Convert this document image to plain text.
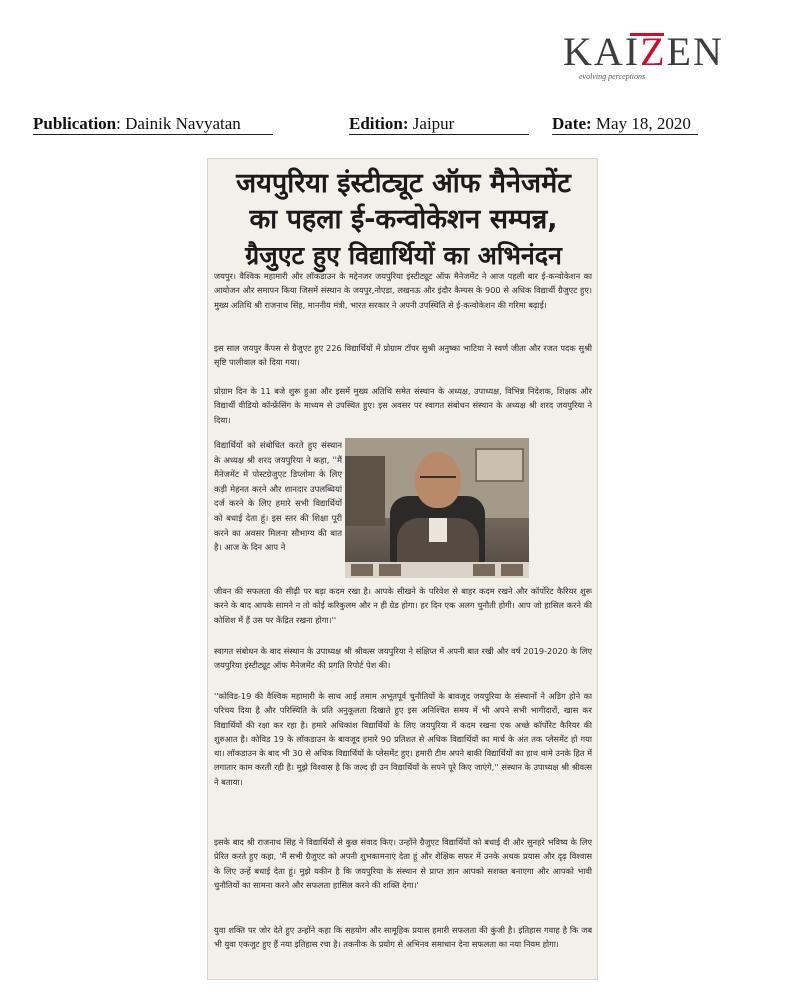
KAIZEN
evolving perceptions
Publication: Dainik Navyatan	Edition: Jaipur	Date: May 18, 2020
जयपुरिया इंस्टीट्यूट ऑफ मैनेजमेंट
का पहला ई-कन्वोकेशन सम्पन्न,
ग्रैजुएट हुए विद्यार्थियों का अभिनंदन
जयपुर। वैश्विक महामारी और लॉकडाउन के मद्देनजर जयपुरिया इंस्टीट्यूट ऑफ मैनेजमेंट ने आज पहली बार ई-कन्वोकेशन का आयोजन और समापन किया जिसमें संस्थान के जयपुर,नोएडा, लखनऊ और इंदौर कैम्पस के 900 से अधिक विद्यार्थी ग्रैजुएट हुए। मुख्य अतिथि श्री राजनाथ सिंह, माननीय मंत्री, भारत सरकार ने अपनी उपस्थिति से ई-कन्वोकेशन की गरिमा बढ़ाई।
इस साल जयपुर कैंपस से ग्रैजुएट हुए 226 विद्यार्थियों में प्रोग्राम टॉपर सुश्री अनुष्का भाटिया ने स्वर्ण जीता और रजत पदक सुश्री सृष्टि पालीवाल को दिया गया।
प्रोग्राम दिन के 11 बजे शुरू हुआ और इसमें मुख्य अतिथि समेत संस्थान के अध्यक्ष, उपाध्यक्ष, विभिन्न निदेशक, शिक्षक और विद्यार्थी वीडियो कॉन्फ्रेंसिंग के माध्यम से उपस्थित हुए। इस अवसर पर स्वागत संबोधन संस्थान के अध्यक्ष श्री शरद जयपुरिया ने दिया।
विद्यार्थियों को संबोधित करते हुए संस्थान के अध्यक्ष श्री शरद जयपुरिया ने कहा, ''मैं मैनेजमेंट में पोस्टग्रेजुएट डिप्लोमा के लिए कड़ी मेहनत करने और शानदार उपलब्धियां दर्ज करने के लिए हमारे सभी विद्यार्थियों को बधाई देता हूं। इस स्तर की शिक्षा पूरी करने का अवसर मिलना सौभाग्य की बात है। आज के दिन आप ने
जीवन की सफलता की सीढ़ी पर बड़ा कदम रखा है। आपके सीखने के परिवेश से बाहर कदम रखने और कॉर्पोरेट कैरियर शुरू करने के बाद आपके सामने न तो कोई करिकुलम और न ही ग्रेड होगा। हर दिन एक अलग चुनौती होगी। आप जो हासिल करने की कोशिश में हैं उस पर केंद्रित रखना होगा।''
स्वागत संबोधन के बाद संस्थान के उपाध्यक्ष श्री श्रीवत्स जयपुरिया ने संक्षिप्त में अपनी बात रखी और वर्ष 2019-2020 के लिए जयपुरिया इंस्टीट्यूट ऑफ मैनेजमेंट की प्रगति रिपोर्ट पेश की।
''कोविड-19 की वैश्विक महामारी के साथ आईं तमाम अभूतपूर्व चुनौतियों के बावजूद जयपुरिया के संस्थानों ने अडिग होने का परिचय दिया है और परिस्थिति के प्रति अनुकूलता दिखाते हुए इस अनिश्चित समय में भी अपने सभी भागीदारों, खास कर विद्यार्थियों की रक्षा कर रहा है। हमारे अधिकांश विद्यार्थियों के लिए जयपुरिया में कदम रखना एक अच्छे कॉर्पोरेट कैरियर की शुरुआत है। कोविड 19 के लॉकडाउन के बावजूद हमारे 90 प्रतिशत से अधिक विद्यार्थियों का मार्च के अंत तक प्लेसमेंट हो गया था। लॉकडाउन के बाद भी 30 से अधिक विद्यार्थियों के प्लेसमेंट हुए। हमारी टीम अपने बाकी विद्यार्थियों का हाथ थामे उनके हित में लगातार काम करती रही है। मुझे विश्वास है कि जल्द ही उन विद्यार्थियों के सपने पूरे किए जाएंगे,'' संस्थान के उपाध्यक्ष श्री श्रीवत्स ने बताया।
इसके बाद श्री राजनाथ सिंह ने विद्यार्थियों से कुछ संवाद किए। उन्होंने ग्रैजुएट विद्यार्थियों को बधाई दी और सुनहरे भविष्य के लिए प्रेरित करते हुए कहा, 'मैं सभी ग्रैजुएट को अपनी शुभकामनाएं देता हूं और शैक्षिक सफर में उनके अथक प्रयास और दृढ़ विश्वास के लिए उन्हें बधाई देता हूं। मुझे यकीन है कि जयपुरिया के संस्थान से प्राप्त ज्ञान आपको सशक्त बनाएगा और आपको भावी चुनौतियों का सामना करने और सफलता हासिल करने की शक्ति देगा।'
युवा शक्ति पर जोर देते हुए उन्होंने कहा कि सहयोग और सामूहिक प्रयास हमारी सफलता की कुंजी है। इतिहास गवाह है कि जब भी युवा एकजुट हुए हैं नया इतिहास रचा है। तकनीक के प्रयोग से अभिनव समाधान देना सफलता का नया नियम होगा।
